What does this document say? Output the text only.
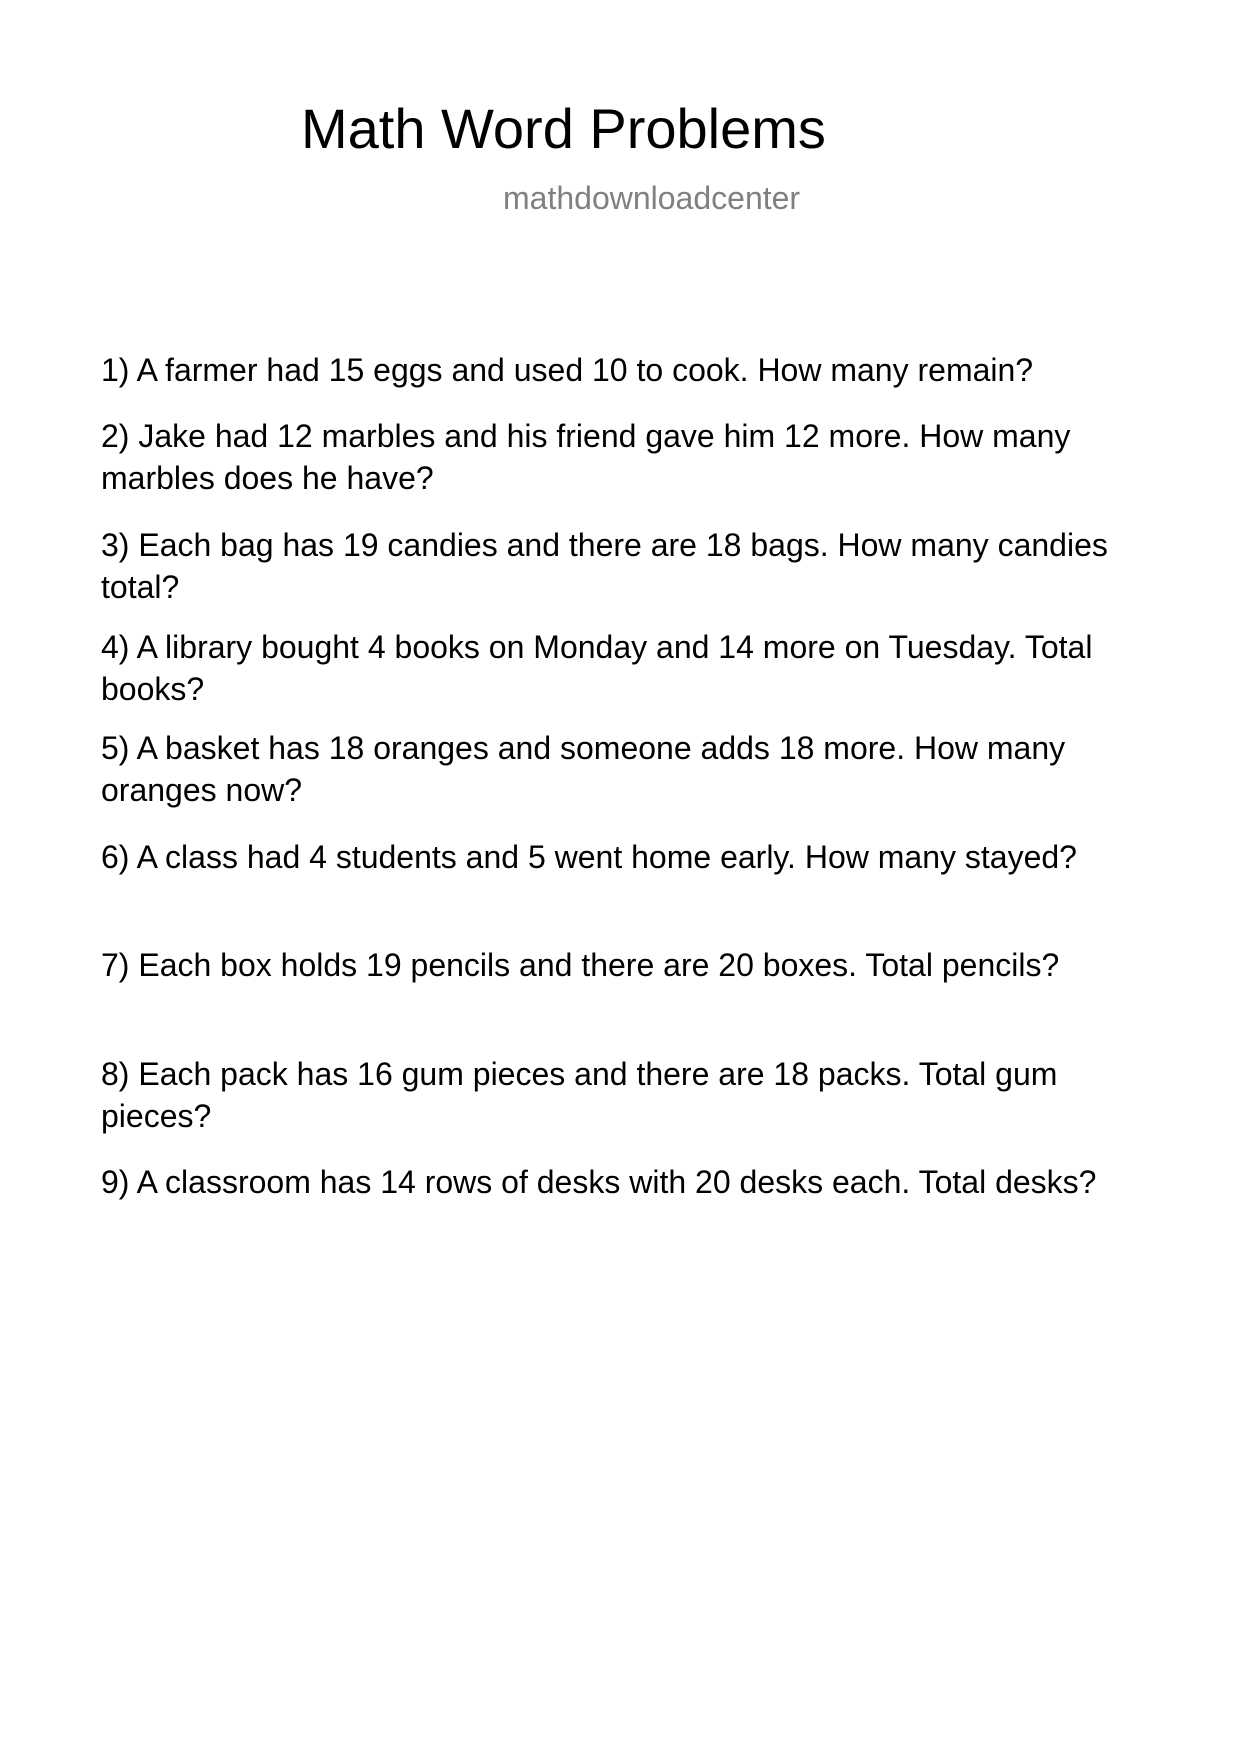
Math Word Problems
mathdownloadcenter
1) A farmer had 15 eggs and used 10 to cook. How many remain?
2) Jake had 12 marbles and his friend gave him 12 more. How many marbles does he have?
3) Each bag has 19 candies and there are 18 bags. How many candies total?
4) A library bought 4 books on Monday and 14 more on Tuesday. Total books?
5) A basket has 18 oranges and someone adds 18 more. How many oranges now?
6) A class had 4 students and 5 went home early. How many stayed?
7) Each box holds 19 pencils and there are 20 boxes. Total pencils?
8) Each pack has 16 gum pieces and there are 18 packs. Total gum pieces?
9) A classroom has 14 rows of desks with 20 desks each. Total desks?
